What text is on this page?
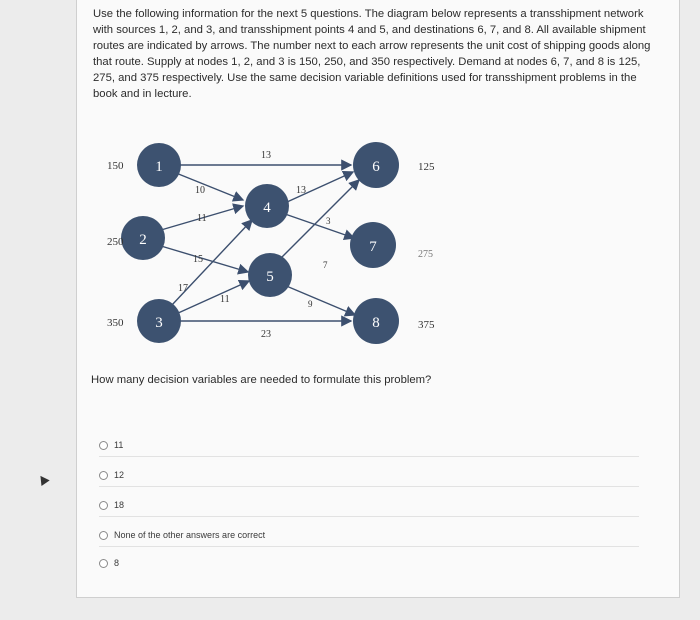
Use the following information for the next 5 questions. The diagram below represents a transshipment network with sources 1, 2, and 3, and transshipment points 4 and 5, and destinations 6, 7, and 8. All available shipment routes are indicated by arrows. The number next to each arrow represents the unit cost of shipping goods along that route. Supply at nodes 1, 2, and 3 is 150, 250, and 350 respectively. Demand at nodes 6, 7, and 8 is 125, 275, and 375 respectively. Use the same decision variable definitions used for transshipment problems in the book and in lecture.
1
2
3
4
5
6
7
8
150
250
350
125
275
375
13
10
11
15
17
11
23
13
3
7
9
How many decision variables are needed to formulate this problem?
11
12
18
None of the other answers are correct
8
